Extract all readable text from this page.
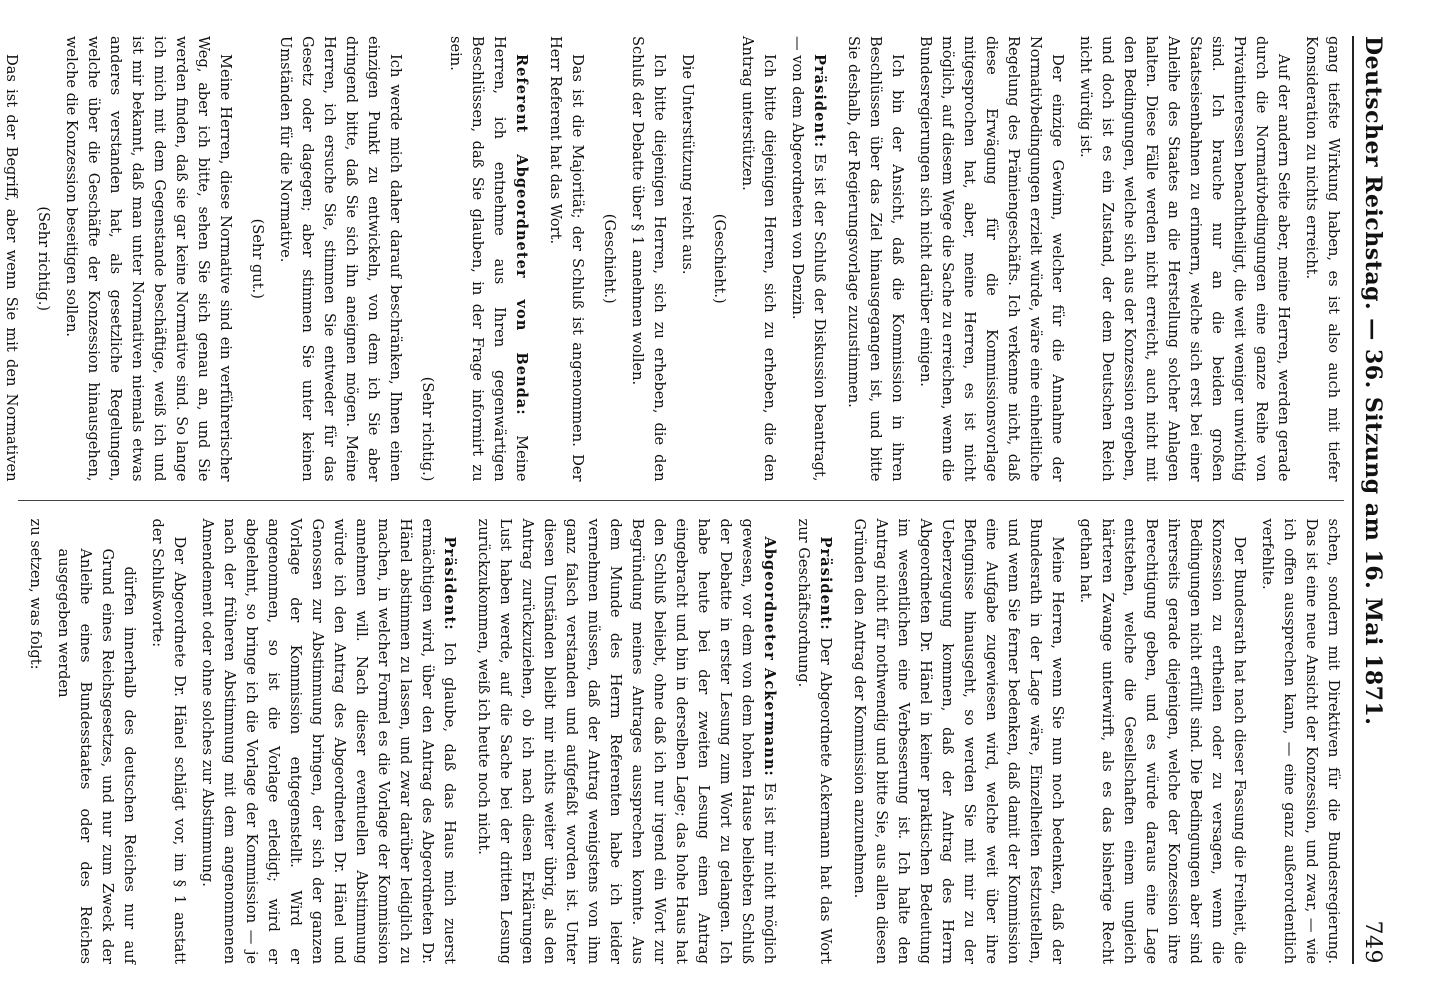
Deutscher Reichstag. — 36. Sitzung am 16. Mai 1871.
749

gang tiefste Wirkung haben, es ist also auch mit tiefer Konsideration zu nichts erreicht.

Auf der andern Seite aber, meine Herren, werden gerade durch die Normativbedingungen eine ganze Reihe von Privatinteressen benachtheiligt, die weit weniger unwichtig sind. Ich brauche nur an die beiden großen Staatseisenbahnen zu erinnern, welche sich erst bei einer Anleihe des Staates an die Herstellung solcher Anlagen halten. Diese Fälle werden nicht erreicht, auch nicht mit den Bedingungen, welche sich aus der Konzession ergeben, und doch ist es ein Zustand, der dem Deutschen Reich nicht würdig ist.

Der einzige Gewinn, welcher für die Annahme der Normativbedingungen erzielt würde, wäre eine einheitliche Regelung des Prämiengeschäfts. Ich verkenne nicht, daß diese Erwägung für die Kommissionsvorlage mitgesprochen hat, aber, meine Herren, es ist nicht möglich, auf diesem Wege die Sache zu erreichen, wenn die Bundesregierungen sich nicht darüber einigen.

Ich bin der Ansicht, daß die Kommission in ihren Beschlüssen über das Ziel hinausgegangen ist, und bitte Sie deshalb, der Regierungsvorlage zuzustimmen.

Präsident: Es ist der Schluß der Diskussion beantragt, — von dem Abgeordneten von Denzin.

Ich bitte diejenigen Herren, sich zu erheben, die den Antrag unterstützen.

(Geschieht.)

Die Unterstützung reicht aus.

Ich bitte diejenigen Herren, sich zu erheben, die den Schluß der Debatte über § 1 annehmen wollen.

(Geschieht.)

Das ist die Majorität; der Schluß ist angenommen. Der Herr Referent hat das Wort.

Referent Abgeordneter von Benda: Meine Herren, ich entnehme aus Ihren gegenwärtigen Beschlüssen, daß Sie glauben, in der Frage informirt zu sein.

(Sehr richtig.)

Ich werde mich daher darauf beschränken, Ihnen einen einzigen Punkt zu entwickeln, von dem ich Sie aber dringend bitte, daß Sie sich ihn aneignen mögen. Meine Herren, ich ersuche Sie, stimmen Sie entweder für das Gesetz oder dagegen; aber stimmen Sie unter keinen Umständen für die Normative.

(Sehr gut.)

Meine Herren, diese Normative sind ein verführerischer Weg, aber ich bitte, sehen Sie sich genau an, und Sie werden finden, daß sie gar keine Normative sind. So lange ich mich mit dem Gegenstande beschäftige, weiß ich und ist mir bekannt, daß man unter Normativen niemals etwas anderes verstanden hat, als gesetzliche Regelungen, welche über die Geschäfte der Konzession hinausgehen, welche die Konzession beseitigen sollen.

(Sehr richtig.)

Das ist der Begriff, aber wenn Sie mit den Normativen

schen, sondern mit Direktiven für die Bundesregierung. Das ist eine neue Ansicht der Konzession, und zwar, — wie ich offen aussprechen kann, — eine ganz außerordentlich verfehlte.

Der Bundesrath hat nach dieser Fassung die Freiheit, die Konzession zu ertheilen oder zu versagen, wenn die Bedingungen nicht erfüllt sind. Die Bedingungen aber sind ihrerseits gerade diejenigen, welche der Konzession ihre Berechtigung geben, und es würde daraus eine Lage entstehen, welche die Gesellschaften einem ungleich härteren Zwange unterwirft, als es das bisherige Recht gethan hat.

Meine Herren, wenn Sie nun noch bedenken, daß der Bundesrath in der Lage wäre, Einzelheiten festzustellen, und wenn Sie ferner bedenken, daß damit der Kommission eine Aufgabe zugewiesen wird, welche weit über ihre Befugnisse hinausgeht, so werden Sie mit mir zu der Ueberzeugung kommen, daß der Antrag des Herrn Abgeordneten Dr. Hänel in keiner praktischen Bedeutung im wesentlichen eine Verbesserung ist. Ich halte den Antrag nicht für nothwendig und bitte Sie, aus allen diesen Gründen den Antrag der Kommission anzunehmen.

Präsident: Der Abgeordnete Ackermann hat das Wort zur Geschäftsordnung.

Abgeordneter Ackermann: Es ist mir nicht möglich gewesen, vor dem von dem hohen Hause beliebten Schluß der Debatte in erster Lesung zum Wort zu gelangen. Ich habe heute bei der zweiten Lesung einen Antrag eingebracht und bin in derselben Lage; das hohe Haus hat den Schluß beliebt, ohne daß ich nur irgend ein Wort zur Begründung meines Antrages aussprechen konnte. Aus dem Munde des Herrn Referenten habe ich leider vernehmen müssen, daß der Antrag wenigstens von ihm ganz falsch verstanden und aufgefaßt worden ist. Unter diesen Umständen bleibt mir nichts weiter übrig, als den Antrag zurückzuziehen, ob ich nach diesen Erklärungen Lust haben werde, auf die Sache bei der dritten Lesung zurückzukommen, weiß ich heute noch nicht.

Präsident: Ich glaube, daß das Haus mich zuerst ermächtigen wird, über den Antrag des Abgeordneten Dr. Hänel abstimmen zu lassen, und zwar darüber lediglich zu machen, in welcher Formel es die Vorlage der Kommission annehmen will. Nach dieser eventuellen Abstimmung würde ich den Antrag des Abgeordneten Dr. Hänel und Genossen zur Abstimmung bringen, der sich der ganzen Vorlage der Kommission entgegenstellt. Wird er angenommen, so ist die Vorlage erledigt; wird er abgelehnt, so bringe ich die Vorlage der Kommission — je nach der früheren Abstimmung mit dem angenommenen Amendement oder ohne solches zur Abstimmung.

Der Abgeordnete Dr. Hänel schlägt vor, im § 1 anstatt der Schlußworte:

dürfen innerhalb des deutschen Reiches nur auf Grund eines Reichsgesetzes, und nur zum Zweck der Anleihe eines Bundesstaates oder des Reiches ausgegeben werden

zu setzen, was folgt:
